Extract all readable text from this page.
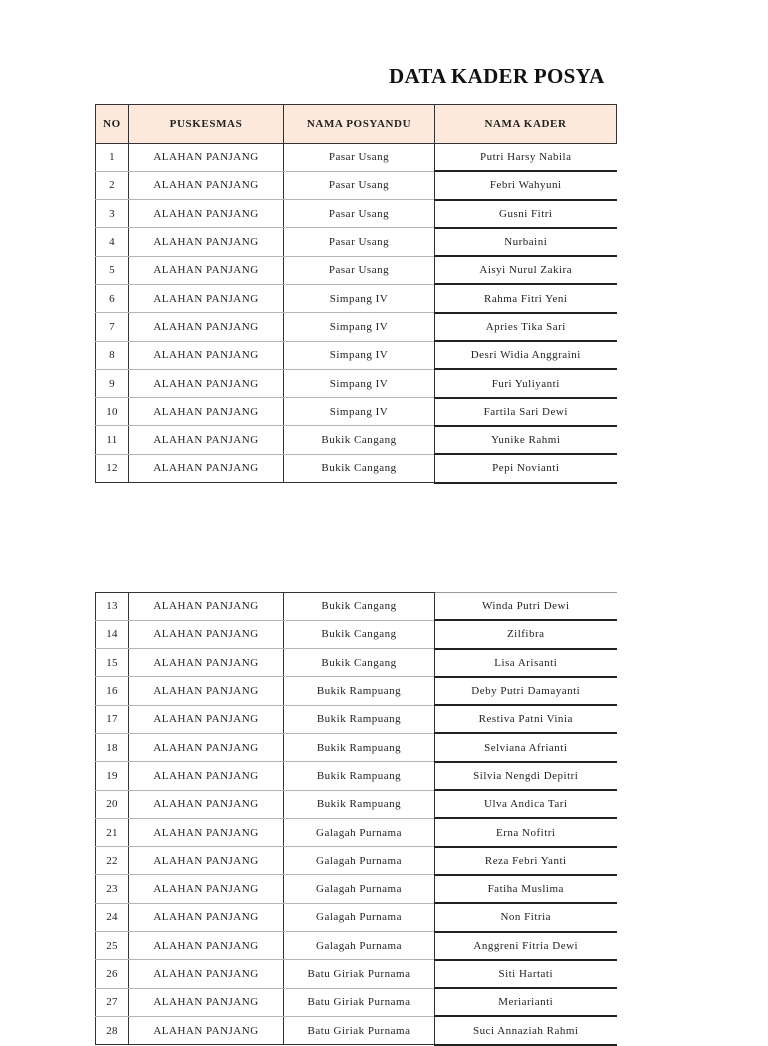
DATA KADER POSYA
NO	PUSKESMAS	NAMA POSYANDU	NAMA KADER
1	ALAHAN PANJANG	Pasar Usang	Putri Harsy Nabila
2	ALAHAN PANJANG	Pasar Usang	Febri Wahyuni
3	ALAHAN PANJANG	Pasar Usang	Gusni Fitri
4	ALAHAN PANJANG	Pasar Usang	Nurbaini
5	ALAHAN PANJANG	Pasar Usang	Aisyi Nurul Zakira
6	ALAHAN PANJANG	Simpang IV	Rahma Fitri Yeni
7	ALAHAN PANJANG	Simpang IV	Apries Tika Sari
8	ALAHAN PANJANG	Simpang IV	Desri Widia Anggraini
9	ALAHAN PANJANG	Simpang IV	Furi Yuliyanti
10	ALAHAN PANJANG	Simpang IV	Fartila Sari Dewi
11	ALAHAN PANJANG	Bukik Cangang	Yunike Rahmi
12	ALAHAN PANJANG	Bukik Cangang	Pepi Novianti
13	ALAHAN PANJANG	Bukik Cangang	Winda Putri Dewi
14	ALAHAN PANJANG	Bukik Cangang	Zilfibra
15	ALAHAN PANJANG	Bukik Cangang	Lisa Arisanti
16	ALAHAN PANJANG	Bukik Rampuang	Deby Putri Damayanti
17	ALAHAN PANJANG	Bukik Rampuang	Restiva Patni Vinia
18	ALAHAN PANJANG	Bukik Rampuang	Selviana Afrianti
19	ALAHAN PANJANG	Bukik Rampuang	Silvia Nengdi Depitri
20	ALAHAN PANJANG	Bukik Rampuang	Ulva Andica Tari
21	ALAHAN PANJANG	Galagah Purnama	Erna Nofitri
22	ALAHAN PANJANG	Galagah Purnama	Reza Febri Yanti
23	ALAHAN PANJANG	Galagah Purnama	Fatiha Muslima
24	ALAHAN PANJANG	Galagah Purnama	Non Fitria
25	ALAHAN PANJANG	Galagah Purnama	Anggreni Fitria Dewi
26	ALAHAN PANJANG	Batu Giriak Purnama	Siti Hartati
27	ALAHAN PANJANG	Batu Giriak Purnama	Meriarianti
28	ALAHAN PANJANG	Batu Giriak Purnama	Suci Annaziah Rahmi
